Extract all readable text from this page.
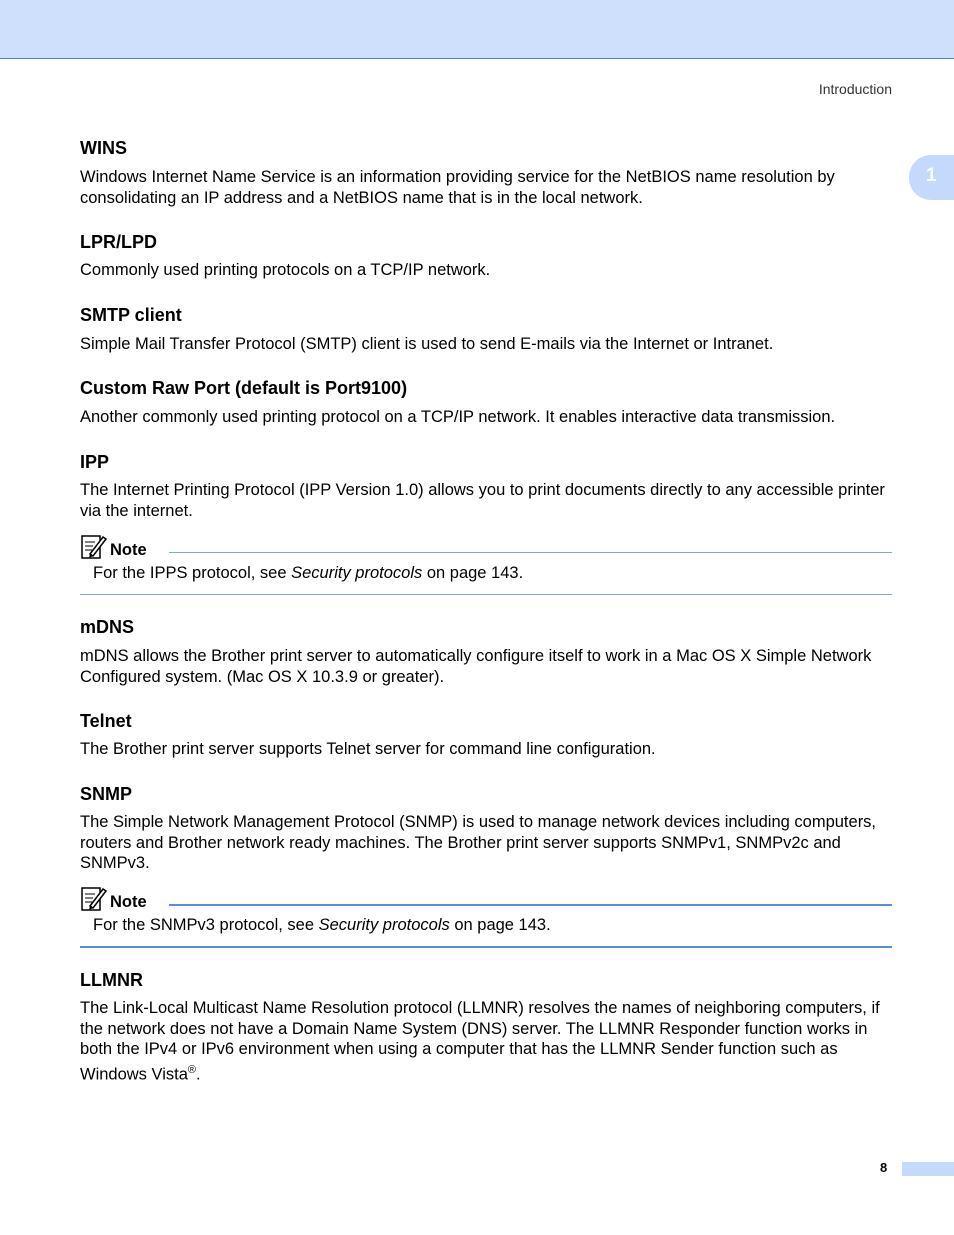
Introduction
1
WINS
Windows Internet Name Service is an information providing service for the NetBIOS name resolution by consolidating an IP address and a NetBIOS name that is in the local network.
LPR/LPD
Commonly used printing protocols on a TCP/IP network.
SMTP client
Simple Mail Transfer Protocol (SMTP) client is used to send E-mails via the Internet or Intranet.
Custom Raw Port (default is Port9100)
Another commonly used printing protocol on a TCP/IP network. It enables interactive data transmission.
IPP
The Internet Printing Protocol (IPP Version 1.0) allows you to print documents directly to any accessible printer via the internet.
Note
For the IPPS protocol, see Security protocols on page 143.
mDNS
mDNS allows the Brother print server to automatically configure itself to work in a Mac OS X Simple Network Configured system. (Mac OS X 10.3.9 or greater).
Telnet
The Brother print server supports Telnet server for command line configuration.
SNMP
The Simple Network Management Protocol (SNMP) is used to manage network devices including computers, routers and Brother network ready machines. The Brother print server supports SNMPv1, SNMPv2c and SNMPv3.
Note
For the SNMPv3 protocol, see Security protocols on page 143.
LLMNR
The Link-Local Multicast Name Resolution protocol (LLMNR) resolves the names of neighboring computers, if the network does not have a Domain Name System (DNS) server. The LLMNR Responder function works in both the IPv4 or IPv6 environment when using a computer that has the LLMNR Sender function such as Windows Vista®.
8
